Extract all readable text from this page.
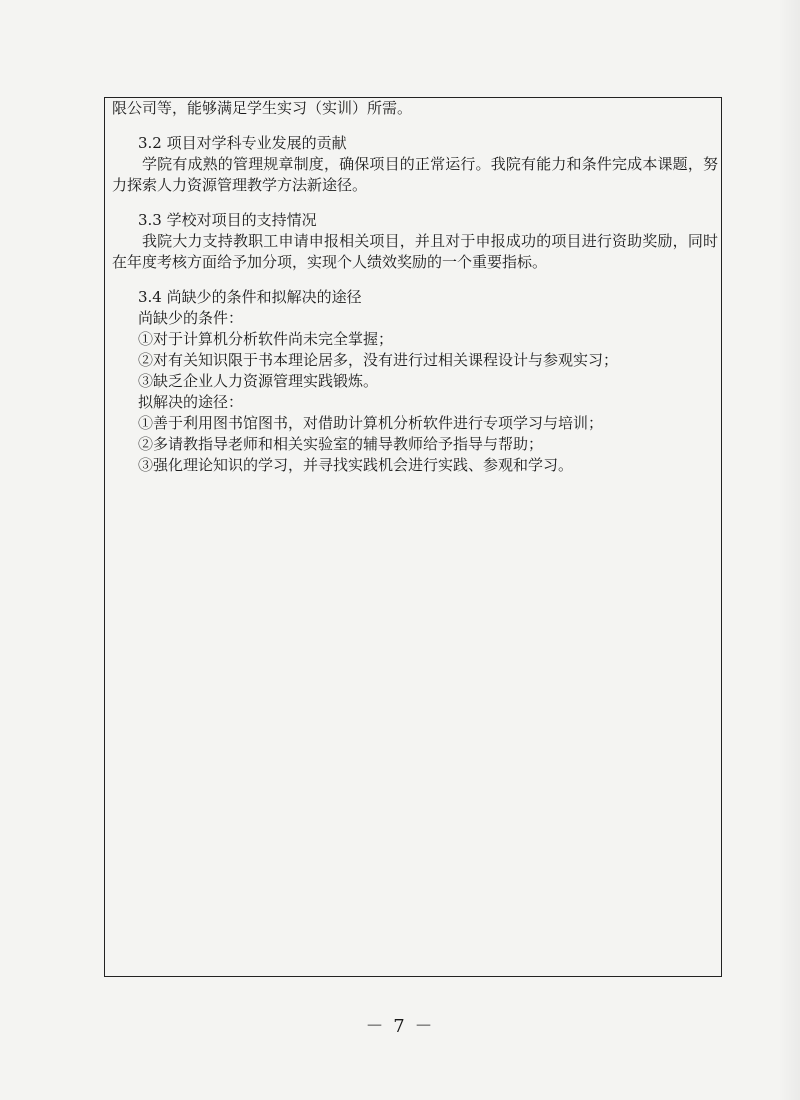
限公司等，能够满足学生实习（实训）所需。
3.2 项目对学科专业发展的贡献
学院有成熟的管理规章制度，确保项目的正常运行。我院有能力和条件完成本课题，努力探索人力资源管理教学方法新途径。
3.3 学校对项目的支持情况
我院大力支持教职工申请申报相关项目，并且对于申报成功的项目进行资助奖励，同时在年度考核方面给予加分项，实现个人绩效奖励的一个重要指标。
3.4 尚缺少的条件和拟解决的途径
尚缺少的条件：
①对于计算机分析软件尚未完全掌握；
②对有关知识限于书本理论居多，没有进行过相关课程设计与参观实习；
③缺乏企业人力资源管理实践锻炼。
拟解决的途径：
①善于利用图书馆图书，对借助计算机分析软件进行专项学习与培训；
②多请教指导老师和相关实验室的辅导教师给予指导与帮助；
③强化理论知识的学习，并寻找实践机会进行实践、参观和学习。
－ 7 －
